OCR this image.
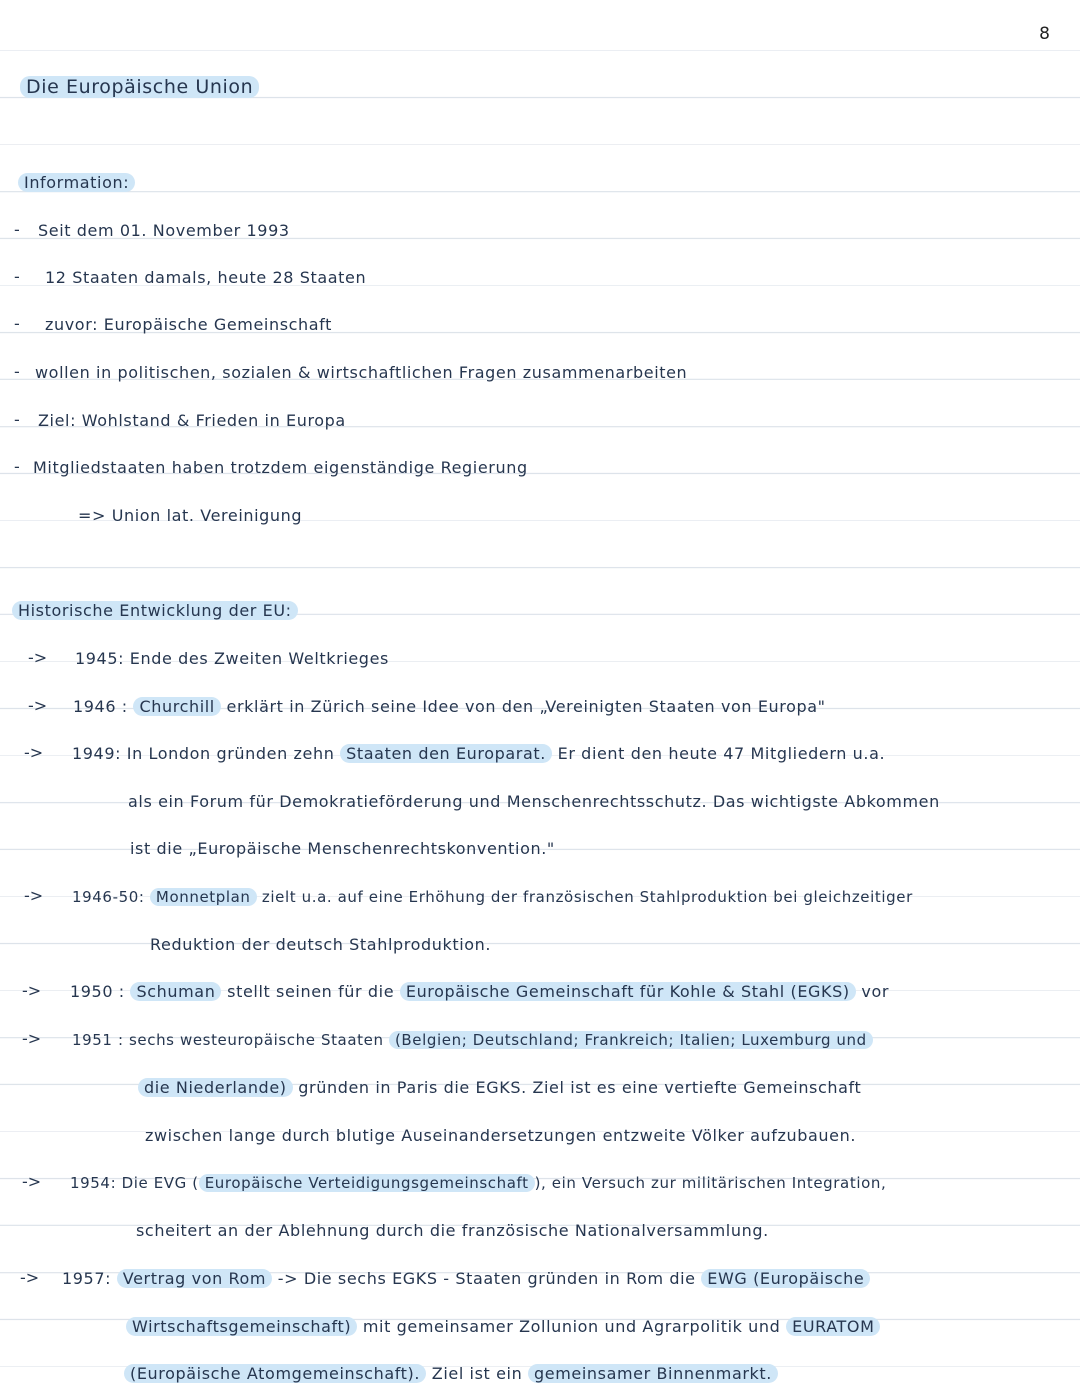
8
Die Europäische Union
Information:
- Seit dem 01. November 1993
- 12 Staaten damals, heute 28 Staaten
- zuvor: Europäische Gemeinschaft
- wollen in politischen, sozialen & wirtschaftlichen Fragen zusammenarbeiten
- Ziel: Wohlstand & Frieden in Europa
- Mitgliedstaaten haben trotzdem eigenständige Regierung
=> Union lat. Vereinigung
Historische Entwicklung der EU:
-> 1945: Ende des Zweiten Weltkrieges
-> 1946 : Churchill erklärt in Zürich seine Idee von den „Vereinigten Staaten von Europa"
-> 1949: In London gründen zehn Staaten den Europarat. Er dient den heute 47 Mitgliedern u.a.
als ein Forum für Demokratieförderung und Menschenrechtsschutz. Das wichtigste Abkommen
ist die „Europäische Menschenrechtskonvention."
-> 1946-50: Monnetplan zielt u.a. auf eine Erhöhung der französischen Stahlproduktion bei gleichzeitiger
Reduktion der deutsch Stahlproduktion.
-> 1950 : Schuman stellt seinen für die Europäische Gemeinschaft für Kohle & Stahl (EGKS) vor
-> 1951 : sechs westeuropäische Staaten (Belgien; Deutschland; Frankreich; Italien; Luxemburg und
die Niederlande) gründen in Paris die EGKS. Ziel ist es eine vertiefte Gemeinschaft
zwischen lange durch blutige Auseinandersetzungen entzweite Völker aufzubauen.
-> 1954: Die EVG ( Europäische Verteidigungsgemeinschaft ), ein Versuch zur militärischen Integration,
scheitert an der Ablehnung durch die französische Nationalversammlung.
-> 1957: Vertrag von Rom -> Die sechs EGKS - Staaten gründen in Rom die EWG (Europäische
Wirtschaftsgemeinschaft) mit gemeinsamer Zollunion und Agrarpolitik und EURATOM
(Europäische Atomgemeinschaft). Ziel ist ein gemeinsamer Binnenmarkt.
